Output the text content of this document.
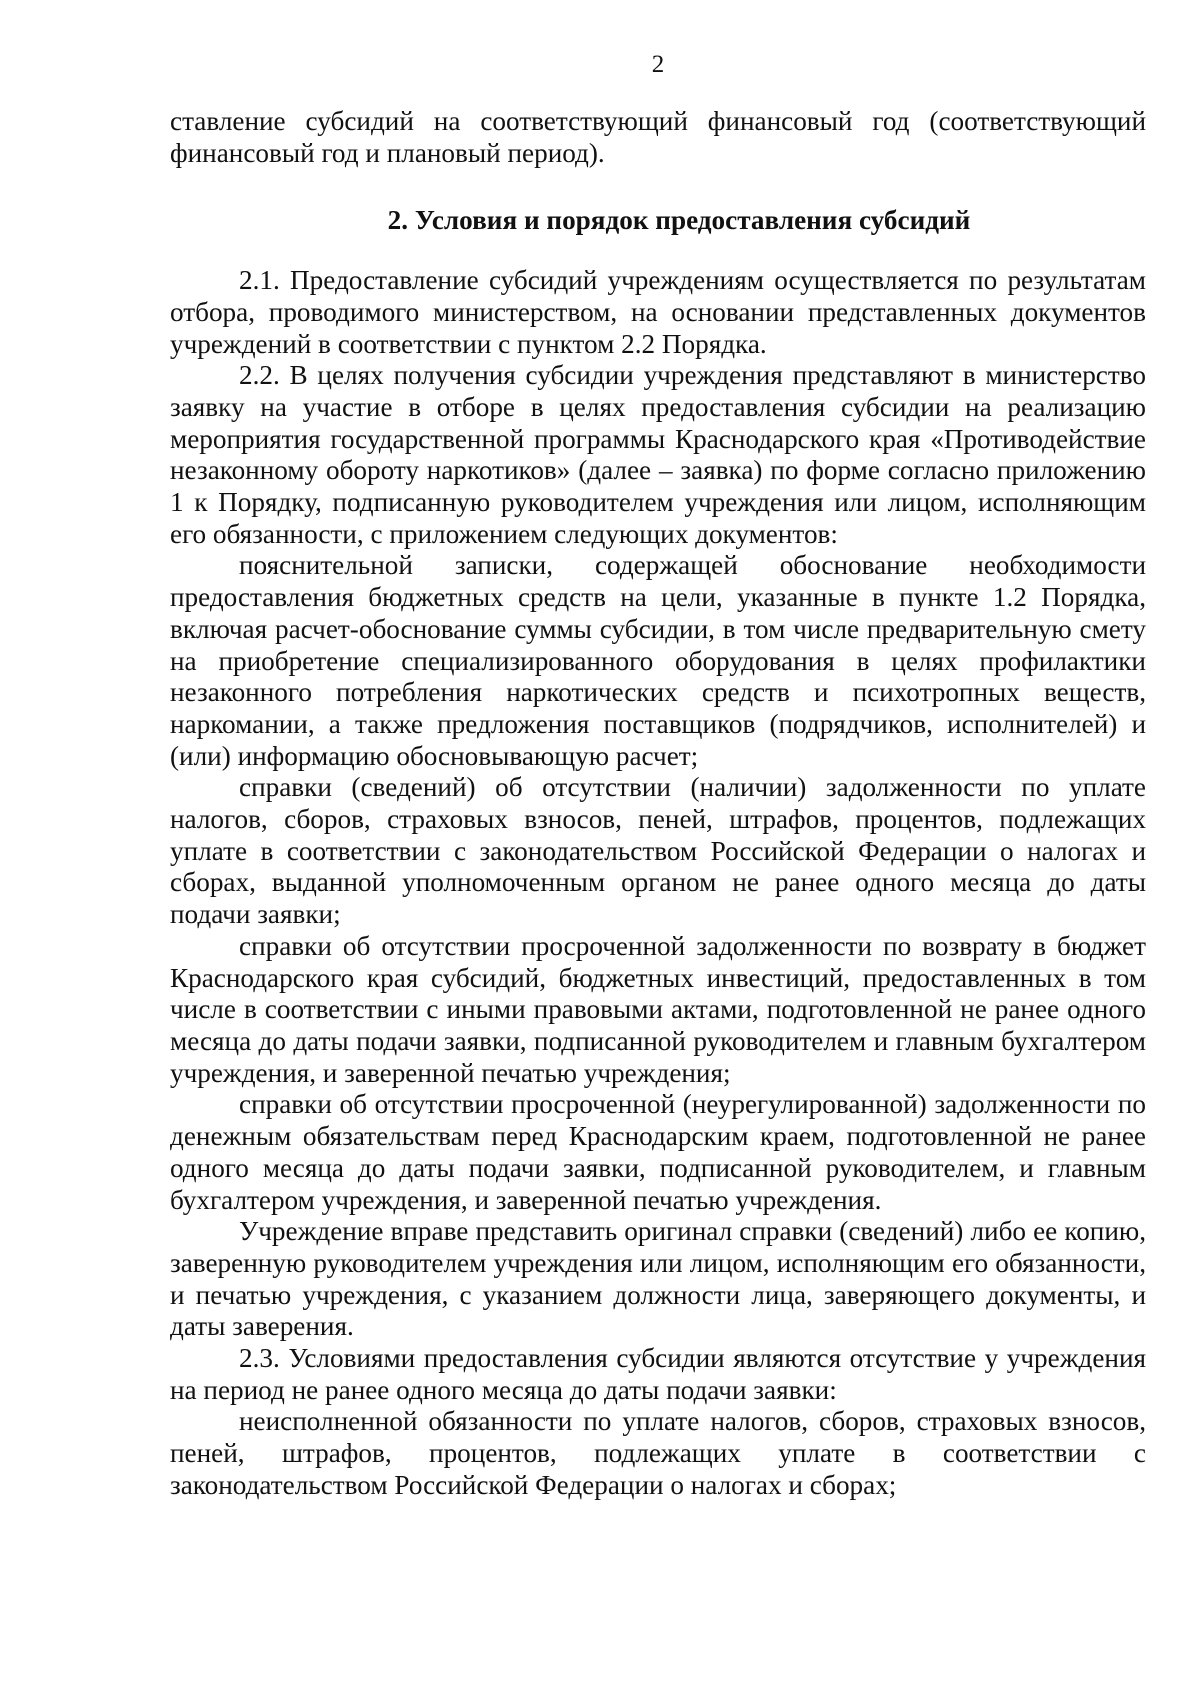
2

ставление субсидий на соответствующий финансовый год (соответствующий финансовый год и плановый период).

2. Условия и порядок предоставления субсидий

2.1. Предоставление субсидий учреждениям осуществляется по результатам отбора, проводимого министерством, на основании представленных документов учреждений в соответствии с пунктом 2.2 Порядка.

2.2. В целях получения субсидии учреждения представляют в министерство заявку на участие в отборе в целях предоставления субсидии на реализацию мероприятия государственной программы Краснодарского края «Противодействие незаконному обороту наркотиков» (далее – заявка) по форме согласно приложению 1 к Порядку, подписанную руководителем учреждения или лицом, исполняющим его обязанности, с приложением следующих документов:

пояснительной записки, содержащей обоснование необходимости предоставления бюджетных средств на цели, указанные в пункте 1.2 Порядка, включая расчет-обоснование суммы субсидии, в том числе предварительную смету на приобретение специализированного оборудования в целях профилактики незаконного потребления наркотических средств и психотропных веществ, наркомании, а также предложения поставщиков (подрядчиков, исполнителей) и (или) информацию обосновывающую расчет;

справки (сведений) об отсутствии (наличии) задолженности по уплате налогов, сборов, страховых взносов, пеней, штрафов, процентов, подлежащих уплате в соответствии с законодательством Российской Федерации о налогах и сборах, выданной уполномоченным органом не ранее одного месяца до даты подачи заявки;

справки об отсутствии просроченной задолженности по возврату в бюджет Краснодарского края субсидий, бюджетных инвестиций, предоставленных в том числе в соответствии с иными правовыми актами, подготовленной не ранее одного месяца до даты подачи заявки, подписанной руководителем и главным бухгалтером учреждения, и заверенной печатью учреждения;

справки об отсутствии просроченной (неурегулированной) задолженности по денежным обязательствам перед Краснодарским краем, подготовленной не ранее одного месяца до даты подачи заявки, подписанной руководителем, и главным бухгалтером учреждения, и заверенной печатью учреждения.

Учреждение вправе представить оригинал справки (сведений) либо ее копию, заверенную руководителем учреждения или лицом, исполняющим его обязанности, и печатью учреждения, с указанием должности лица, заверяющего документы, и даты заверения.

2.3. Условиями предоставления субсидии являются отсутствие у учреждения на период не ранее одного месяца до даты подачи заявки:

неисполненной обязанности по уплате налогов, сборов, страховых взносов, пеней, штрафов, процентов, подлежащих уплате в соответствии с законодательством Российской Федерации о налогах и сборах;
